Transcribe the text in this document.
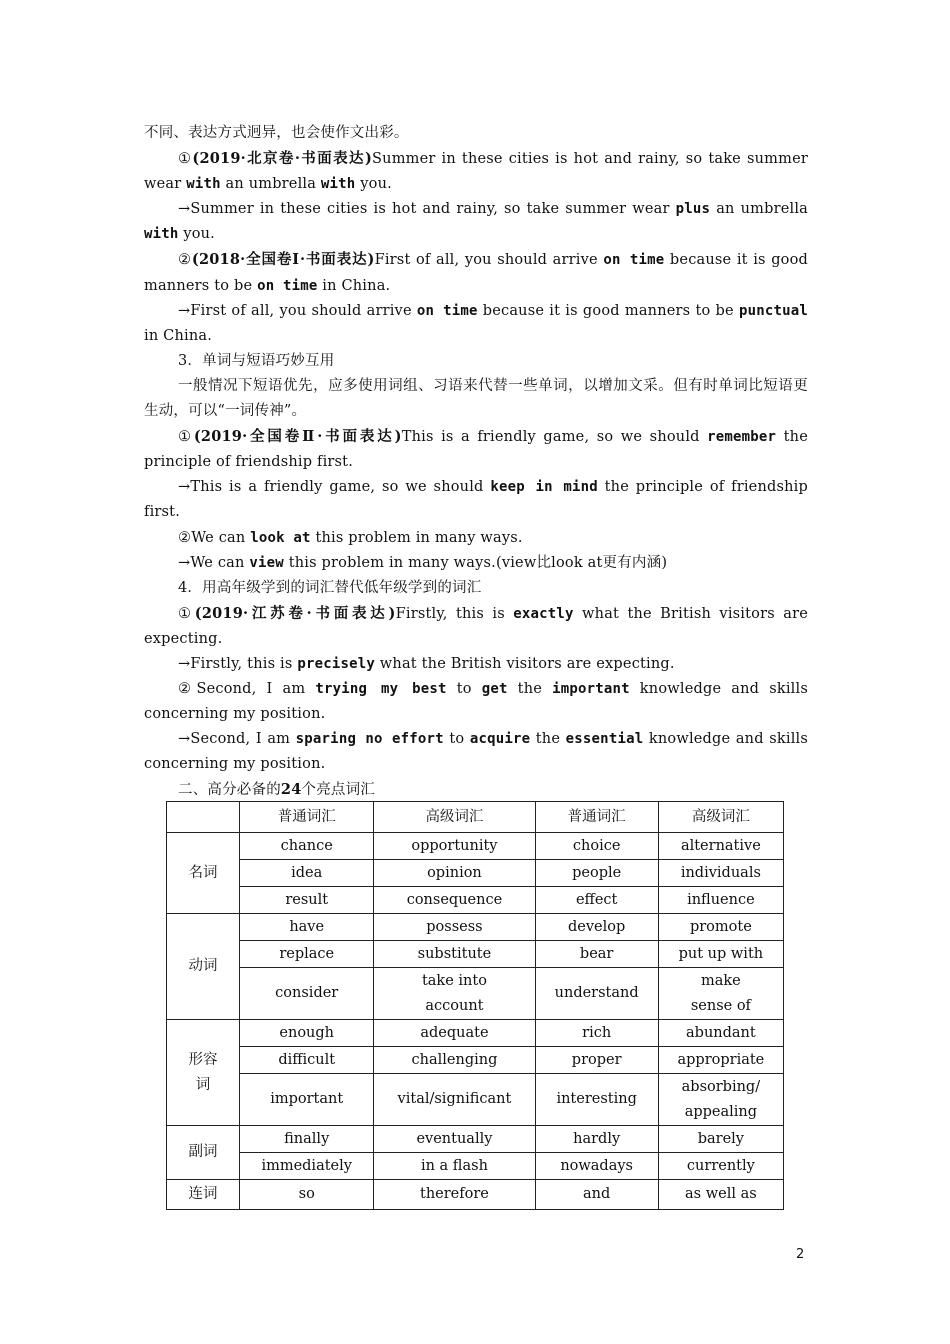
不同、表达方式迥异，也会使作文出彩。

①(2019·北京卷·书面表达)Summer in these cities is hot and rainy, so take summer wear with an umbrella with you.

→Summer in these cities is hot and rainy, so take summer wear plus an umbrella with you.

②(2018·全国卷Ⅰ·书面表达)First of all, you should arrive on time because it is good manners to be on time in China.

→First of all, you should arrive on time because it is good manners to be punctual in China.

3．单词与短语巧妙互用

一般情况下短语优先，应多使用词组、习语来代替一些单词，以增加文采。但有时单词比短语更生动，可以“一词传神”。

①(2019·全国卷Ⅱ·书面表达)This is a friendly game, so we should remember the principle of friendship first.

→This is a friendly game, so we should keep in mind the principle of friendship first.

②We can look at this problem in many ways.

→We can view this problem in many ways.(view比look at更有内涵)

4．用高年级学到的词汇替代低年级学到的词汇

①(2019·江苏卷·书面表达)Firstly, this is exactly what the British visitors are expecting.

→Firstly, this is precisely what the British visitors are expecting.

②Second, I am trying my best to get the important knowledge and skills concerning my position.

→Second, I am sparing no effort to acquire the essential knowledge and skills concerning my position.

二、高分必备的24个亮点词汇

	普通词汇	高级词汇	普通词汇	高级词汇
名词	chance	opportunity	choice	alternative
	idea	opinion	people	individuals
	result	consequence	effect	influence
动词	have	possess	develop	promote
	replace	substitute	bear	put up with
	consider	take into account	understand	make sense of
形容
词	enough	adequate	rich	abundant
	difficult	challenging	proper	appropriate
	important	vital/significant	interesting	absorbing/ appealing
副词	finally	eventually	hardly	barely
	immediately	in a flash	nowadays	currently
连词	so	therefore	and	as well as
2
